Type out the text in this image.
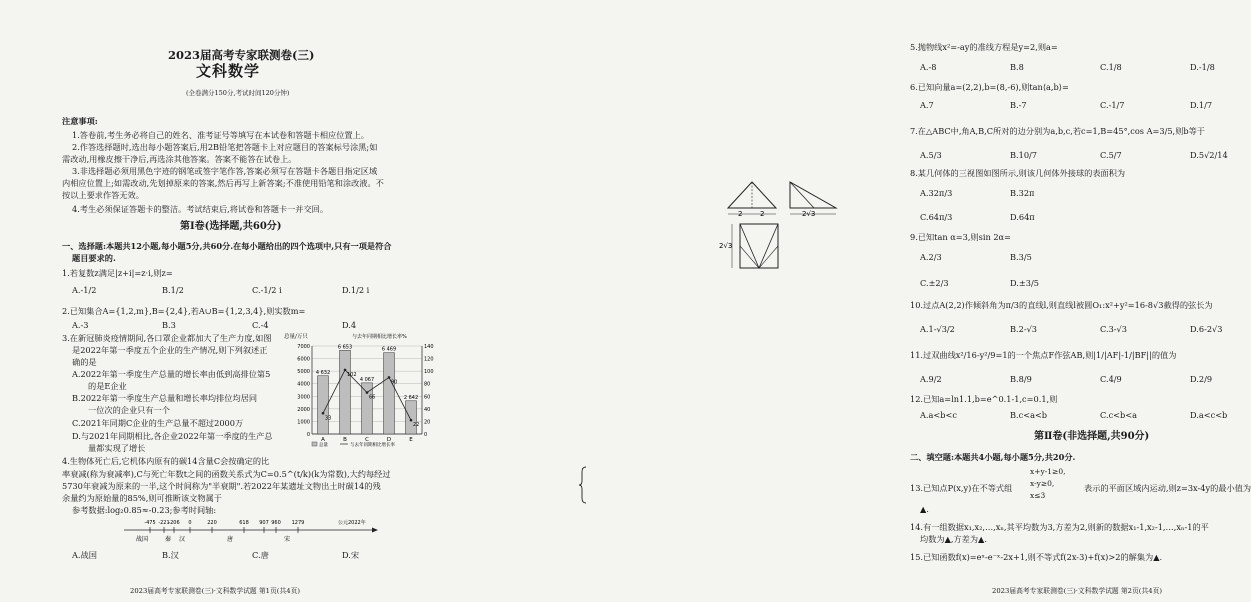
2023届高考专家联测卷(三)
文科数学
(全卷满分150分,考试时间120分钟)
注意事项:
1.答卷前,考生务必将自己的姓名、准考证号等填写在本试卷和答题卡相应位置上。
2.作答选择题时,选出每小题答案后,用2B铅笔把答题卡上对应题目的答案标号涂黑;如
需改动,用橡皮擦干净后,再选涂其他答案。答案不能答在试卷上。
3.非选择题必须用黑色字迹的钢笔或签字笔作答,答案必须写在答题卡各题目指定区域
内相应位置上;如需改动,先划掉原来的答案,然后再写上新答案;不准使用铅笔和涂改液。不
按以上要求作答无效。
4.考生必须保证答题卡的整洁。考试结束后,将试卷和答题卡一并交回。
第Ⅰ卷(选择题,共60分)
一、选择题:本题共12小题,每小题5分,共60分.在每小题给出的四个选项中,只有一项是符合
题目要求的.
1.若复数z满足|z+i|=z·i,则z=
A.-1/2	B.1/2	C.-1/2 i	D.1/2 i
2.已知集合A={1,2,m},B={2,4},若A∪B={1,2,3,4},则实数m=
A.-3	B.3	C.-4	D.4
3.在新冠肺炎疫情期间,各口罩企业都加大了生产力度,如图
是2022年第一季度五个企业的生产情况,则下列叙述正
确的是
A.2022年第一季度生产总量的增长率由低到高排位第5
的是E企业
B.2022年第一季度生产总量和增长率均排位均居同
一位次的企业只有一个
C.2021年同期C企业的生产总量不超过2000万
D.与2021年同期相比,各企业2022年第一季度的生产总
量都实现了增长
4.生物体死亡后,它机体内原有的碳14含量C会按确定的比
率衰减(称为衰减率),C与死亡年数t之间的函数关系式为C=0.5^(t/k)(k为常数),大约每经过
5730年衰减为原来的一半,这个时间称为"半衰期".若2022年某遗址文物出土时碳14的残
余量约为原始量的85%,则可推断该文物属于
参考数据:log₂0.85≈-0.23;参考时间轴:
A.战国	B.汉	C.唐	D.宋
2023届高考专家联测卷(三)·文科数学试题 第1页(共4页)
总量/万只	与去年同期相比增长率%
0
1000
2000
3000
4000
5000
6000
7000
0
20
40
60
80
100
120
140
4 632
A
6 653
B
4 067
C
6 469
D
2 642
E
33
102
66
90
22
总量	与去年同期相比增长率
-475 -221
-206 0	220	618 907 960 1279
战国	秦 汉	唐	宋
公元2022年
5.抛物线x²=-ay的准线方程是y=2,则a=
A.-8	B.8	C.1/8	D.-1/8
6.已知向量a=(2,2),b=(8,-6),则tan⟨a,b⟩=
A.7	B.-7	C.-1/7	D.1/7
7.在△ABC中,角A,B,C所对的边分别为a,b,c,若c=1,B=45°,cos A=3/5,则b等于
A.5/3	B.10/7	C.5/7	D.5√2/14
8.某几何体的三视图如图所示,则该几何体外接球的表面积为
A.32π/3	B.32π
C.64π/3	D.64π
9.已知tan α=3,则sin 2α=
A.2/3	B.3/5
C.±2/3	D.±3/5
10.过点A(2,2)作倾斜角为π/3的直线l,则直线l被圆O₁:x²+y²=16-8√3截得的弦长为
A.1-√3/2	B.2-√3	C.3-√3	D.6-2√3
11.过双曲线x²/16-y²/9=1的一个焦点F作弦AB,则|1/|AF|-1/|BF||的值为
A.9/2	B.8/9	C.4/9	D.2/9
12.已知a=ln1.1,b=e^0.1-1,c=0.1,则
A.a<b<c	B.c<a<b	C.c<b<a	D.a<c<b
第Ⅱ卷(非选择题,共90分)
二、填空题:本题共4小题,每小题5分,共20分.
13.已知点P(x,y)在不等式组
x+y-1≥0,
x-y≥0,
x≤3
表示的平面区域内运动,则z=3x-4y的最小值为
▲.
14.有一组数据x₁,x₂,…,xₙ,其平均数为3,方差为2,则新的数据x₁-1,x₂-1,…,xₙ-1的平
均数为▲,方差为▲.
15.已知函数f(x)=eˣ-e⁻ˣ-2x+1,则不等式f(2x-3)+f(x)>2的解集为▲.
2023届高考专家联测卷(三)·文科数学试题 第2页(共4页)
2	2	2√3
2√3
